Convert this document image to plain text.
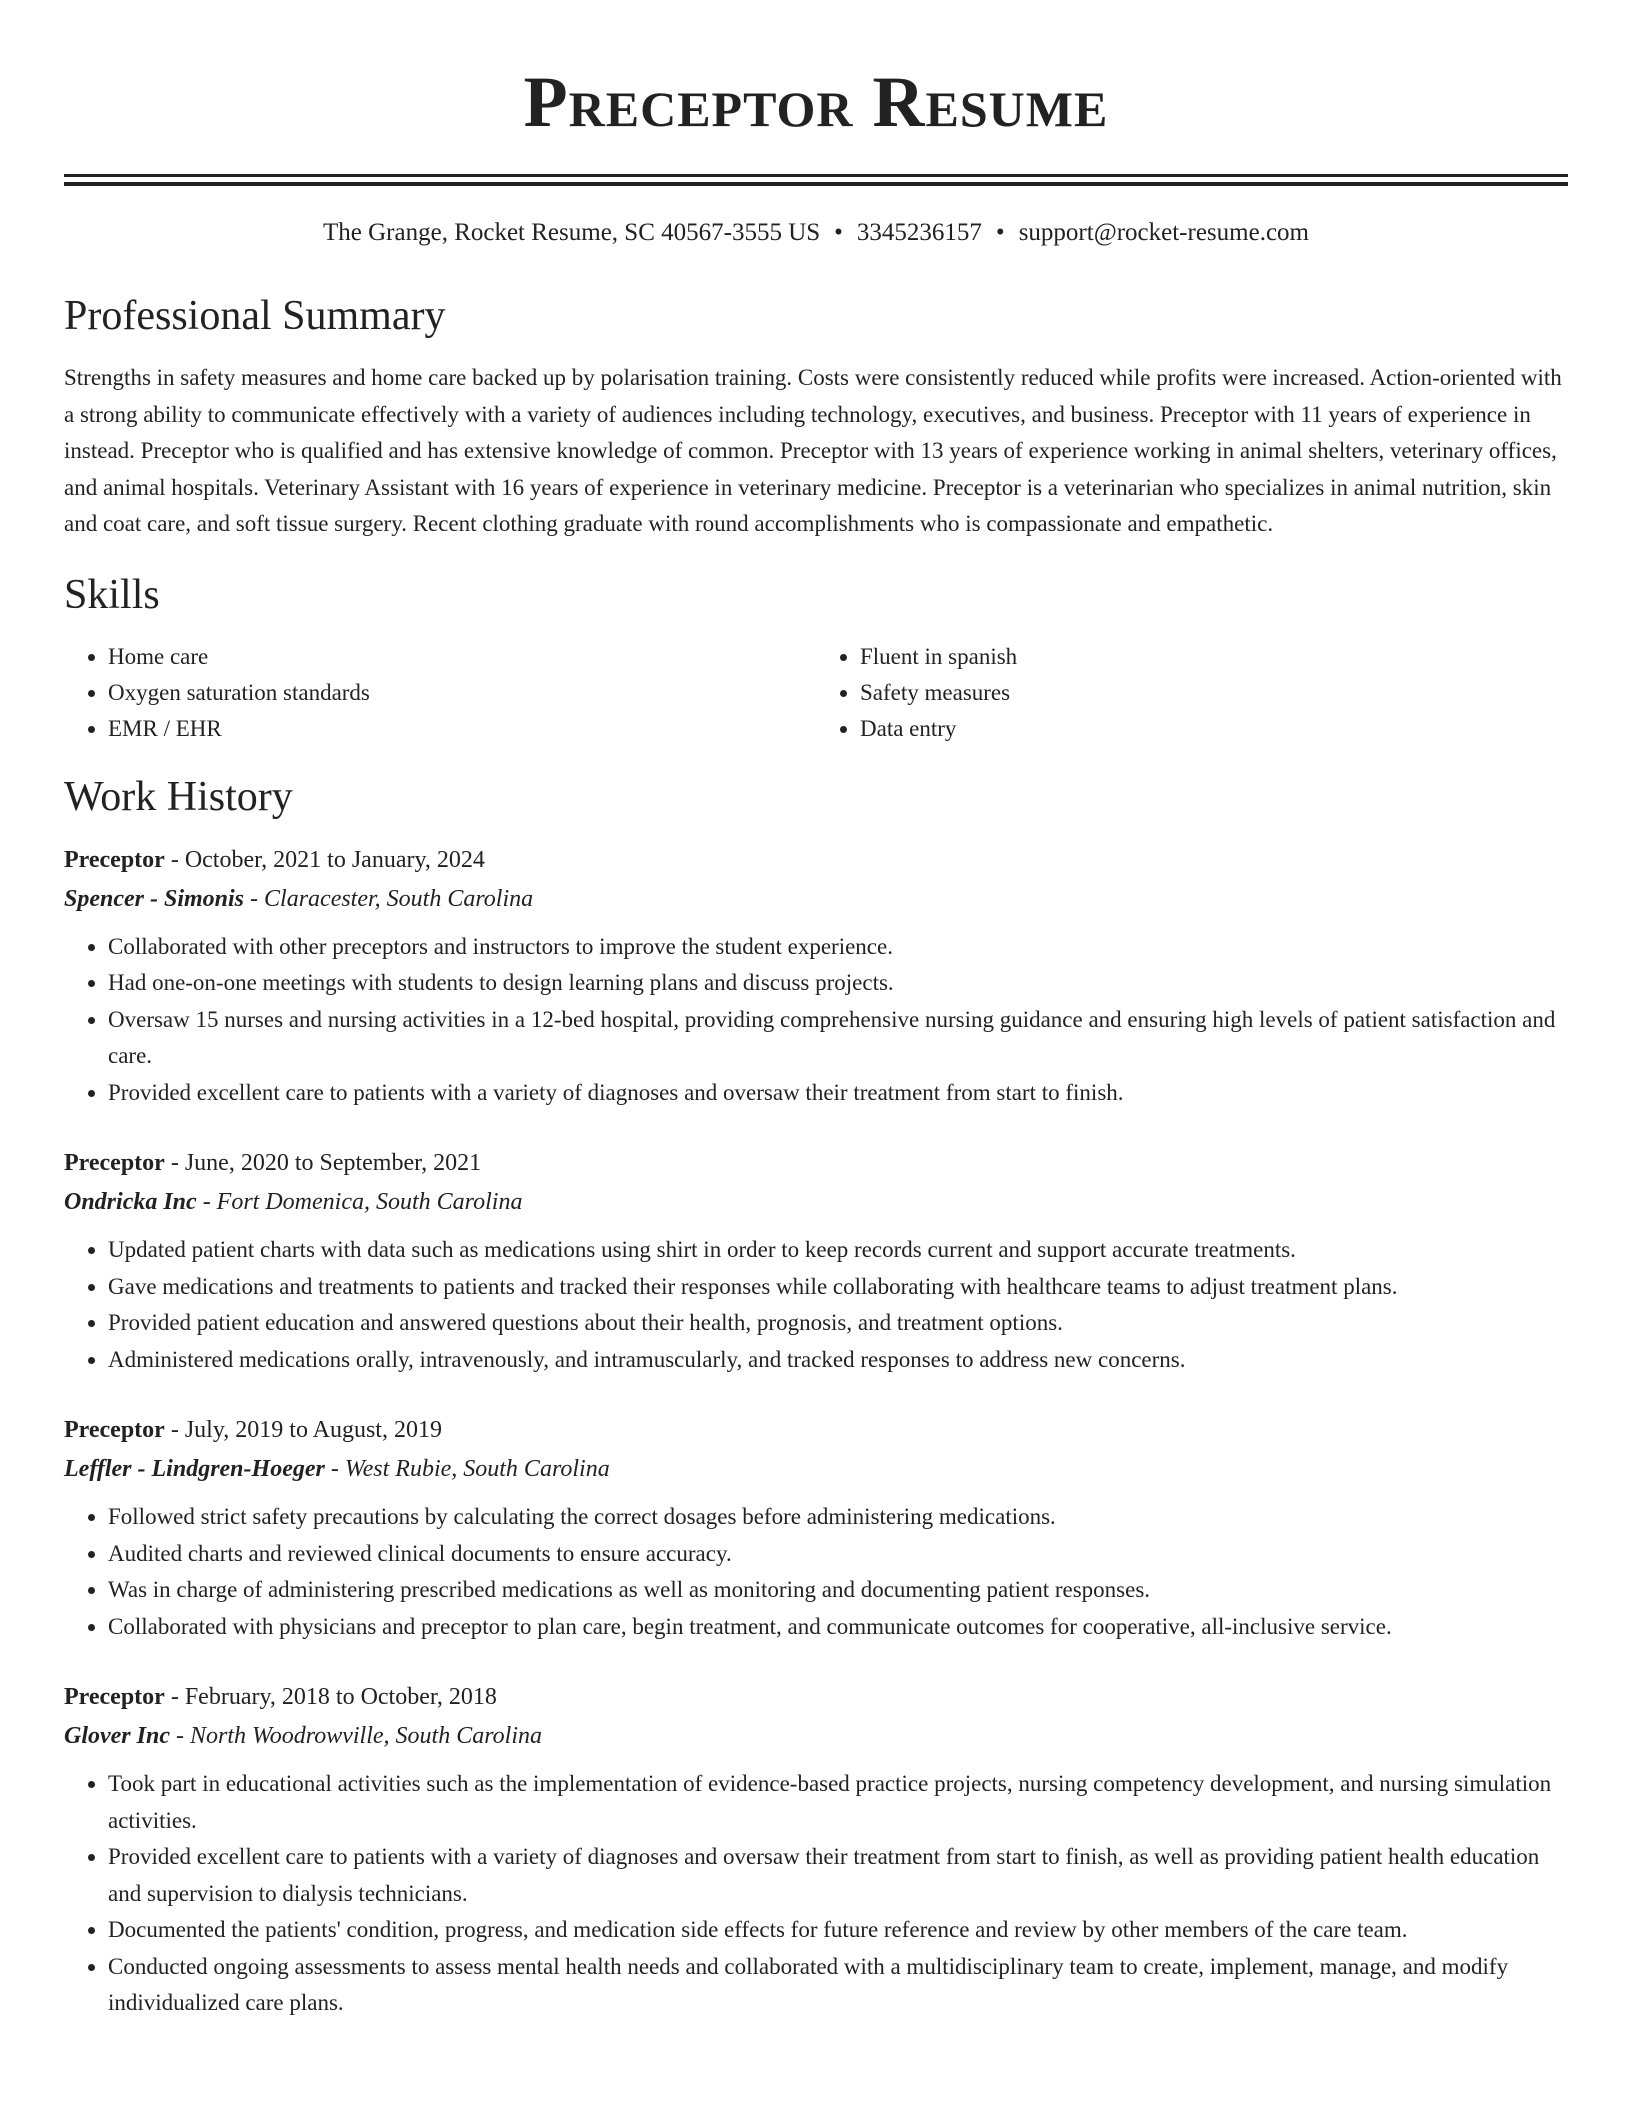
Preceptor Resume
The Grange, Rocket Resume, SC 40567-3555 US • 3345236157 • support@rocket-resume.com
Professional Summary

Strengths in safety measures and home care backed up by polarisation training. Costs were consistently reduced while profits were increased. Action-oriented with a strong ability to communicate effectively with a variety of audiences including technology, executives, and business. Preceptor with 11 years of experience in instead. Preceptor who is qualified and has extensive knowledge of common. Preceptor with 13 years of experience working in animal shelters, veterinary offices, and animal hospitals. Veterinary Assistant with 16 years of experience in veterinary medicine. Preceptor is a veterinarian who specializes in animal nutrition, skin and coat care, and soft tissue surgery. Recent clothing graduate with round accomplishments who is compassionate and empathetic.

Skills
• Home care
• Oxygen saturation standards
• EMR / EHR
• Fluent in spanish
• Safety measures
• Data entry
Work History
Preceptor - October, 2021 to January, 2024
Spencer - Simonis - Claracester, South Carolina
• Collaborated with other preceptors and instructors to improve the student experience.
• Had one-on-one meetings with students to design learning plans and discuss projects.
• Oversaw 15 nurses and nursing activities in a 12-bed hospital, providing comprehensive nursing guidance and ensuring high levels of patient satisfaction and care.
• Provided excellent care to patients with a variety of diagnoses and oversaw their treatment from start to finish.
Preceptor - June, 2020 to September, 2021
Ondricka Inc - Fort Domenica, South Carolina
• Updated patient charts with data such as medications using shirt in order to keep records current and support accurate treatments.
• Gave medications and treatments to patients and tracked their responses while collaborating with healthcare teams to adjust treatment plans.
• Provided patient education and answered questions about their health, prognosis, and treatment options.
• Administered medications orally, intravenously, and intramuscularly, and tracked responses to address new concerns.
Preceptor - July, 2019 to August, 2019
Leffler - Lindgren-Hoeger - West Rubie, South Carolina
• Followed strict safety precautions by calculating the correct dosages before administering medications.
• Audited charts and reviewed clinical documents to ensure accuracy.
• Was in charge of administering prescribed medications as well as monitoring and documenting patient responses.
• Collaborated with physicians and preceptor to plan care, begin treatment, and communicate outcomes for cooperative, all-inclusive service.
Preceptor - February, 2018 to October, 2018
Glover Inc - North Woodrowville, South Carolina
• Took part in educational activities such as the implementation of evidence-based practice projects, nursing competency development, and nursing simulation activities.
• Provided excellent care to patients with a variety of diagnoses and oversaw their treatment from start to finish, as well as providing patient health education and supervision to dialysis technicians.
• Documented the patients' condition, progress, and medication side effects for future reference and review by other members of the care team.
• Conducted ongoing assessments to assess mental health needs and collaborated with a multidisciplinary team to create, implement, manage, and modify individualized care plans.
